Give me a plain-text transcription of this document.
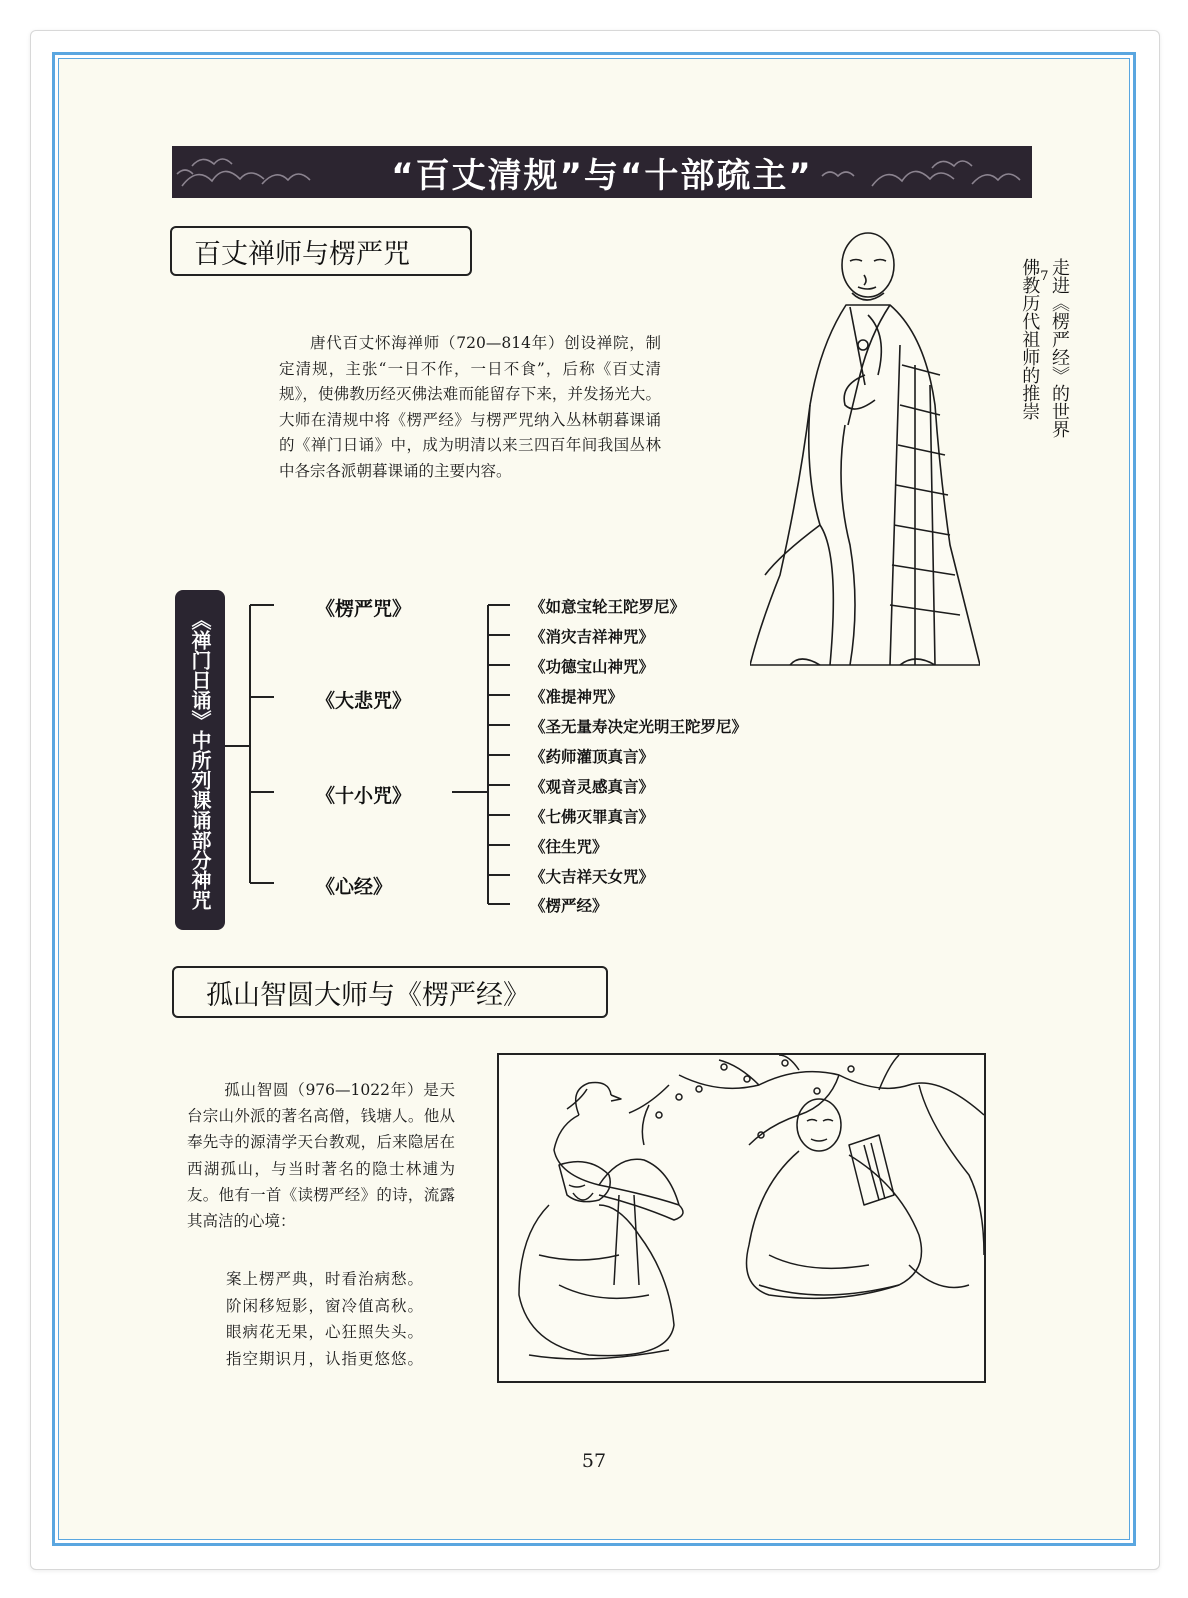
“百丈清规”与“十部疏主”
百丈禅师与楞严咒
唐代百丈怀海禅师（720—814年）创设禅院，制定清规，主张“一日不作，一日不食”，后称《百丈清规》，使佛教历经灭佛法难而能留存下来，并发扬光大。大师在清规中将《楞严经》与楞严咒纳入丛林朝暮课诵的《禅门日诵》中，成为明清以来三四百年间我国丛林中各宗各派朝暮课诵的主要内容。
走进《楞严经》的世界
7
佛教历代祖师的推崇
《禅门日诵》中所列课诵部分神咒
《楞严咒》
《大悲咒》
《十小咒》
《心经》
《如意宝轮王陀罗尼》
《消灾吉祥神咒》
《功德宝山神咒》
《准提神咒》
《圣无量寿决定光明王陀罗尼》
《药师灌顶真言》
《观音灵感真言》
《七佛灭罪真言》
《往生咒》
《大吉祥天女咒》
《楞严经》
孤山智圆大师与《楞严经》
孤山智圆（976—1022年）是天台宗山外派的著名高僧，钱塘人。他从奉先寺的源清学天台教观，后来隐居在西湖孤山，与当时著名的隐士林逋为友。他有一首《读楞严经》的诗，流露其高洁的心境：
案上楞严典，时看治病愁。
阶闲移短影，窗冷值高秋。
眼病花无果，心狂照失头。
指空期识月，认指更悠悠。
57
